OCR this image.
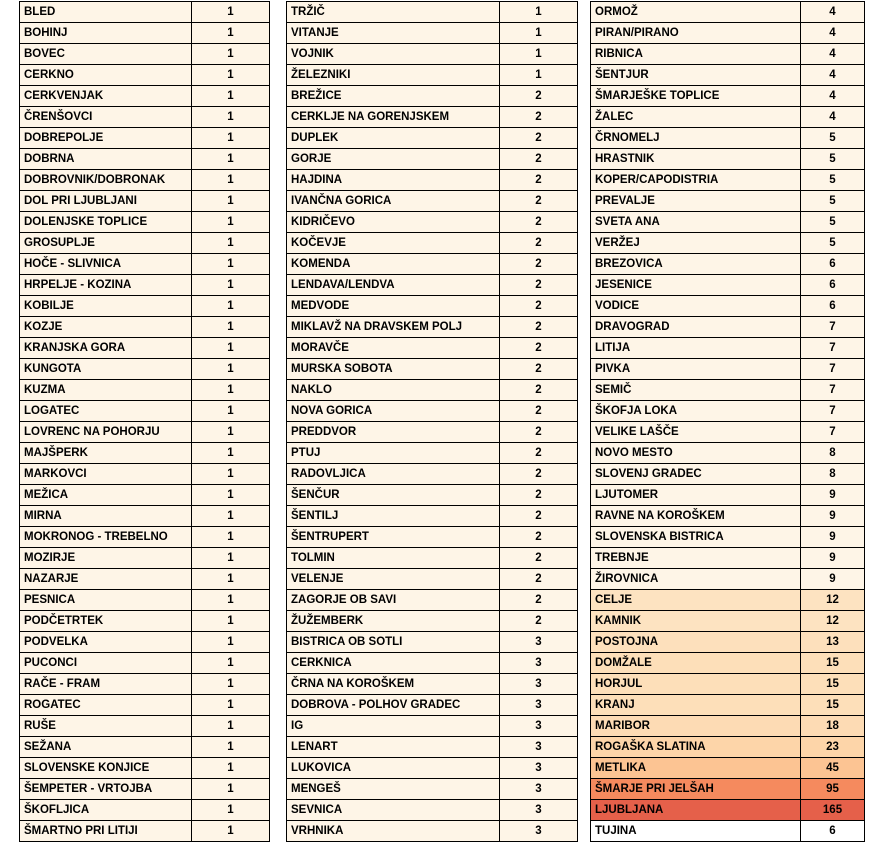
BLED	1
BOHINJ	1
BOVEC	1
CERKNO	1
CERKVENJAK	1
ČRENŠOVCI	1
DOBREPOLJE	1
DOBRNA	1
DOBROVNIK/DOBRONAK	1
DOL PRI LJUBLJANI	1
DOLENJSKE TOPLICE	1
GROSUPLJE	1
HOČE - SLIVNICA	1
HRPELJE - KOZINA	1
KOBILJE	1
KOZJE	1
KRANJSKA GORA	1
KUNGOTA	1
KUZMA	1
LOGATEC	1
LOVRENC NA POHORJU	1
MAJŠPERK	1
MARKOVCI	1
MEŽICA	1
MIRNA	1
MOKRONOG - TREBELNO	1
MOZIRJE	1
NAZARJE	1
PESNICA	1
PODČETRTEK	1
PODVELKA	1
PUCONCI	1
RAČE - FRAM	1
ROGATEC	1
RUŠE	1
SEŽANA	1
SLOVENSKE KONJICE	1
ŠEMPETER - VRTOJBA	1
ŠKOFLJICA	1
ŠMARTNO PRI LITIJI	1
TRŽIČ	1
VITANJE	1
VOJNIK	1
ŽELEZNIKI	1
BREŽICE	2
CERKLJE NA GORENJSKEM	2
DUPLEK	2
GORJE	2
HAJDINA	2
IVANČNA GORICA	2
KIDRIČEVO	2
KOČEVJE	2
KOMENDA	2
LENDAVA/LENDVA	2
MEDVODE	2
MIKLAVŽ NA DRAVSKEM POLJ	2
MORAVČE	2
MURSKA SOBOTA	2
NAKLO	2
NOVA GORICA	2
PREDDVOR	2
PTUJ	2
RADOVLJICA	2
ŠENČUR	2
ŠENTILJ	2
ŠENTRUPERT	2
TOLMIN	2
VELENJE	2
ZAGORJE OB SAVI	2
ŽUŽEMBERK	2
BISTRICA OB SOTLI	3
CERKNICA	3
ČRNA NA KOROŠKEM	3
DOBROVA - POLHOV GRADEC	3
IG	3
LENART	3
LUKOVICA	3
MENGEŠ	3
SEVNICA	3
VRHNIKA	3
ORMOŽ	4
PIRAN/PIRANO	4
RIBNICA	4
ŠENTJUR	4
ŠMARJEŠKE TOPLICE	4
ŽALEC	4
ČRNOMELJ	5
HRASTNIK	5
KOPER/CAPODISTRIA	5
PREVALJE	5
SVETA ANA	5
VERŽEJ	5
BREZOVICA	6
JESENICE	6
VODICE	6
DRAVOGRAD	7
LITIJA	7
PIVKA	7
SEMIČ	7
ŠKOFJA LOKA	7
VELIKE LAŠČE	7
NOVO MESTO	8
SLOVENJ GRADEC	8
LJUTOMER	9
RAVNE NA KOROŠKEM	9
SLOVENSKA BISTRICA	9
TREBNJE	9
ŽIROVNICA	9
CELJE	12
KAMNIK	12
POSTOJNA	13
DOMŽALE	15
HORJUL	15
KRANJ	15
MARIBOR	18
ROGAŠKA SLATINA	23
METLIKA	45
ŠMARJE PRI JELŠAH	95
LJUBLJANA	165
TUJINA	6
